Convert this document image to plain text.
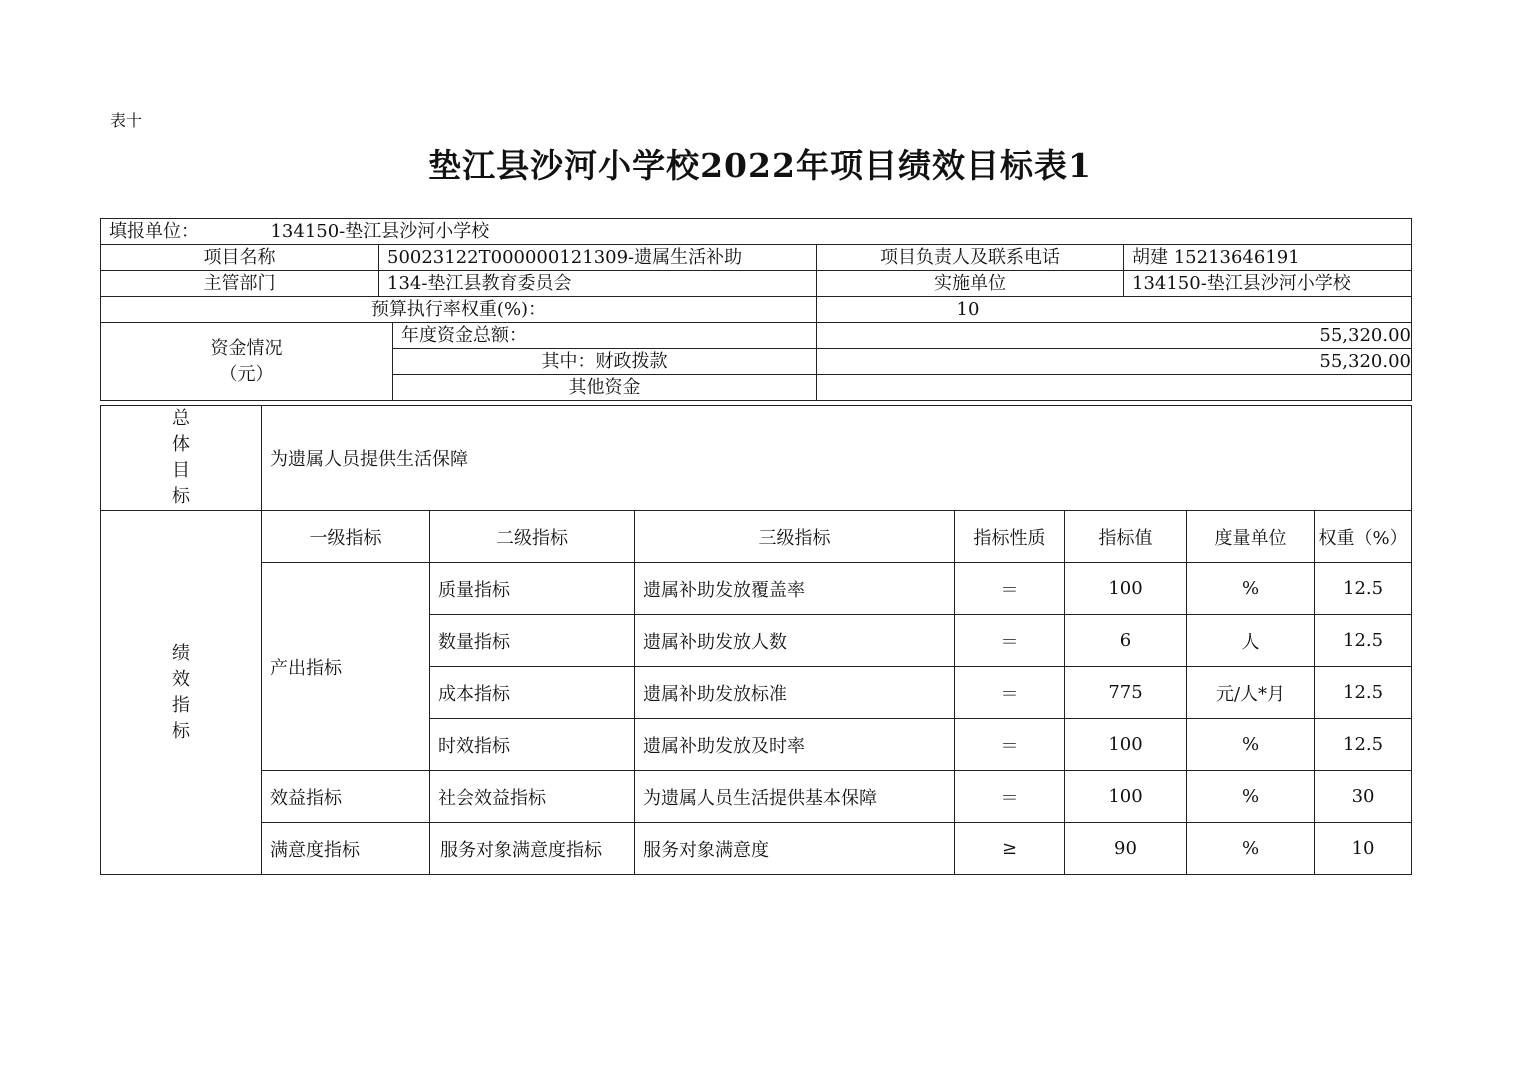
表十
垫江县沙河小学校2022年项目绩效目标表1
填报单位： 134150-垫江县沙河小学校				
项目名称	50023122T000000121309-遗属生活补助		项目负责人及联系电话	胡建 15213646191
主管部门	134-垫江县教育委员会		实施单位	134150-垫江县沙河小学校
预算执行率权重(%)：			10	

资金情况
（元）		年度资金总额：	55,320.00	
		其中：财政拨款	55,320.00	
		其他资金		
总
体
目
标	为遗属人员提供生活保障						

绩
效
指
标	一级指标	二级指标	三级指标	指标性质	指标值	度量单位	权重（%）
	产出指标	质量指标	遗属补助发放覆盖率	＝	100	%	12.5
		数量指标	遗属补助发放人数	＝	6	人	12.5
		成本指标	遗属补助发放标准	＝	775	元/人*月	12.5
		时效指标	遗属补助发放及时率	＝	100	%	12.5
	效益指标	社会效益指标	为遗属人员生活提供基本保障	＝	100	%	30
	满意度指标	服务对象满意度指标	服务对象满意度	≥	90	%	10
